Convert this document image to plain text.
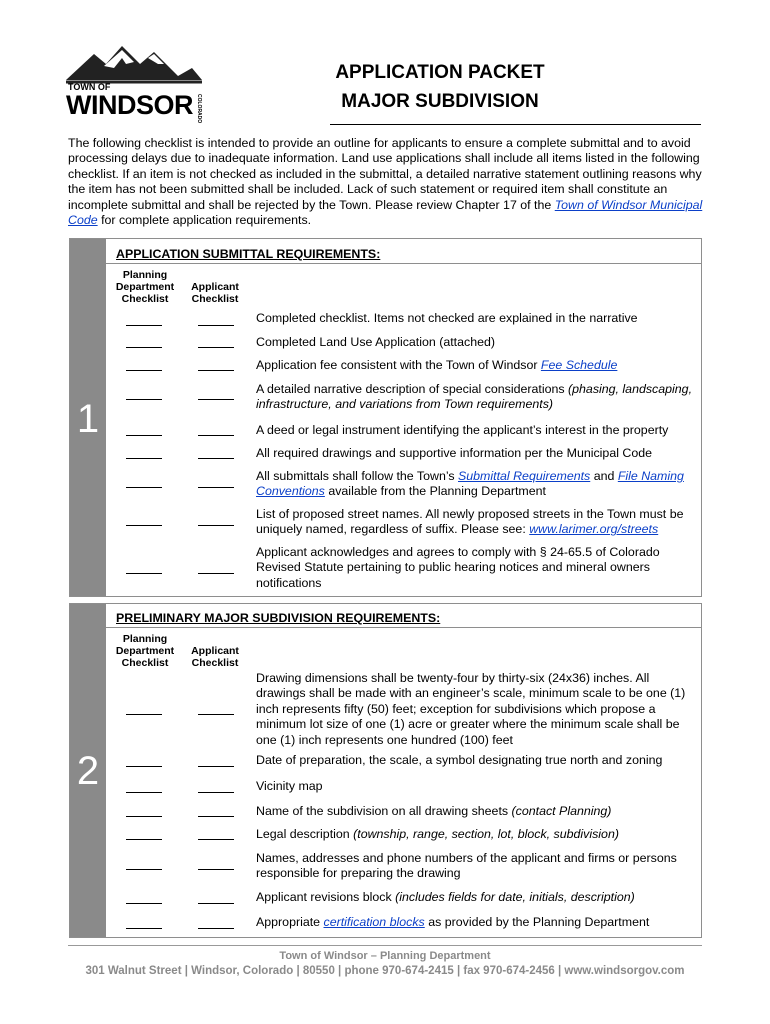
TOWN OF
WINDSOR COLORADO
APPLICATION PACKET
MAJOR SUBDIVISION
The following checklist is intended to provide an outline for applicants to ensure a complete submittal and to avoid processing delays due to inadequate information. Land use applications shall include all items listed in the following checklist. If an item is not checked as included in the submittal, a detailed narrative statement outlining reasons why the item has not been submitted shall be included. Lack of such statement or required item shall constitute an incomplete submittal and shall be rejected by the Town. Please review Chapter 17 of the Town of Windsor Municipal Code for complete application requirements.
1
APPLICATION SUBMITTAL REQUIREMENTS:
Planning Department Checklist
Applicant Checklist
Completed checklist. Items not checked are explained in the narrative
Completed Land Use Application (attached)
Application fee consistent with the Town of Windsor Fee Schedule
A detailed narrative description of special considerations (phasing, landscaping, infrastructure, and variations from Town requirements)
A deed or legal instrument identifying the applicant’s interest in the property
All required drawings and supportive information per the Municipal Code
All submittals shall follow the Town’s Submittal Requirements and File Naming Conventions available from the Planning Department
List of proposed street names. All newly proposed streets in the Town must be uniquely named, regardless of suffix. Please see: www.larimer.org/streets
Applicant acknowledges and agrees to comply with § 24-65.5 of Colorado Revised Statute pertaining to public hearing notices and mineral owners notifications
2
PRELIMINARY MAJOR SUBDIVISION REQUIREMENTS:
Planning Department Checklist
Applicant Checklist
Drawing dimensions shall be twenty-four by thirty-six (24x36) inches. All drawings shall be made with an engineer’s scale, minimum scale to be one (1) inch represents fifty (50) feet; exception for subdivisions which propose a minimum lot size of one (1) acre or greater where the minimum scale shall be one (1) inch represents one hundred (100) feet
Date of preparation, the scale, a symbol designating true north and zoning
Vicinity map
Name of the subdivision on all drawing sheets (contact Planning)
Legal description (township, range, section, lot, block, subdivision)
Names, addresses and phone numbers of the applicant and firms or persons responsible for preparing the drawing
Applicant revisions block (includes fields for date, initials, description)
Appropriate certification blocks as provided by the Planning Department
Town of Windsor – Planning Department
301 Walnut Street | Windsor, Colorado | 80550 | phone 970-674-2415 | fax 970-674-2456 | www.windsorgov.com
